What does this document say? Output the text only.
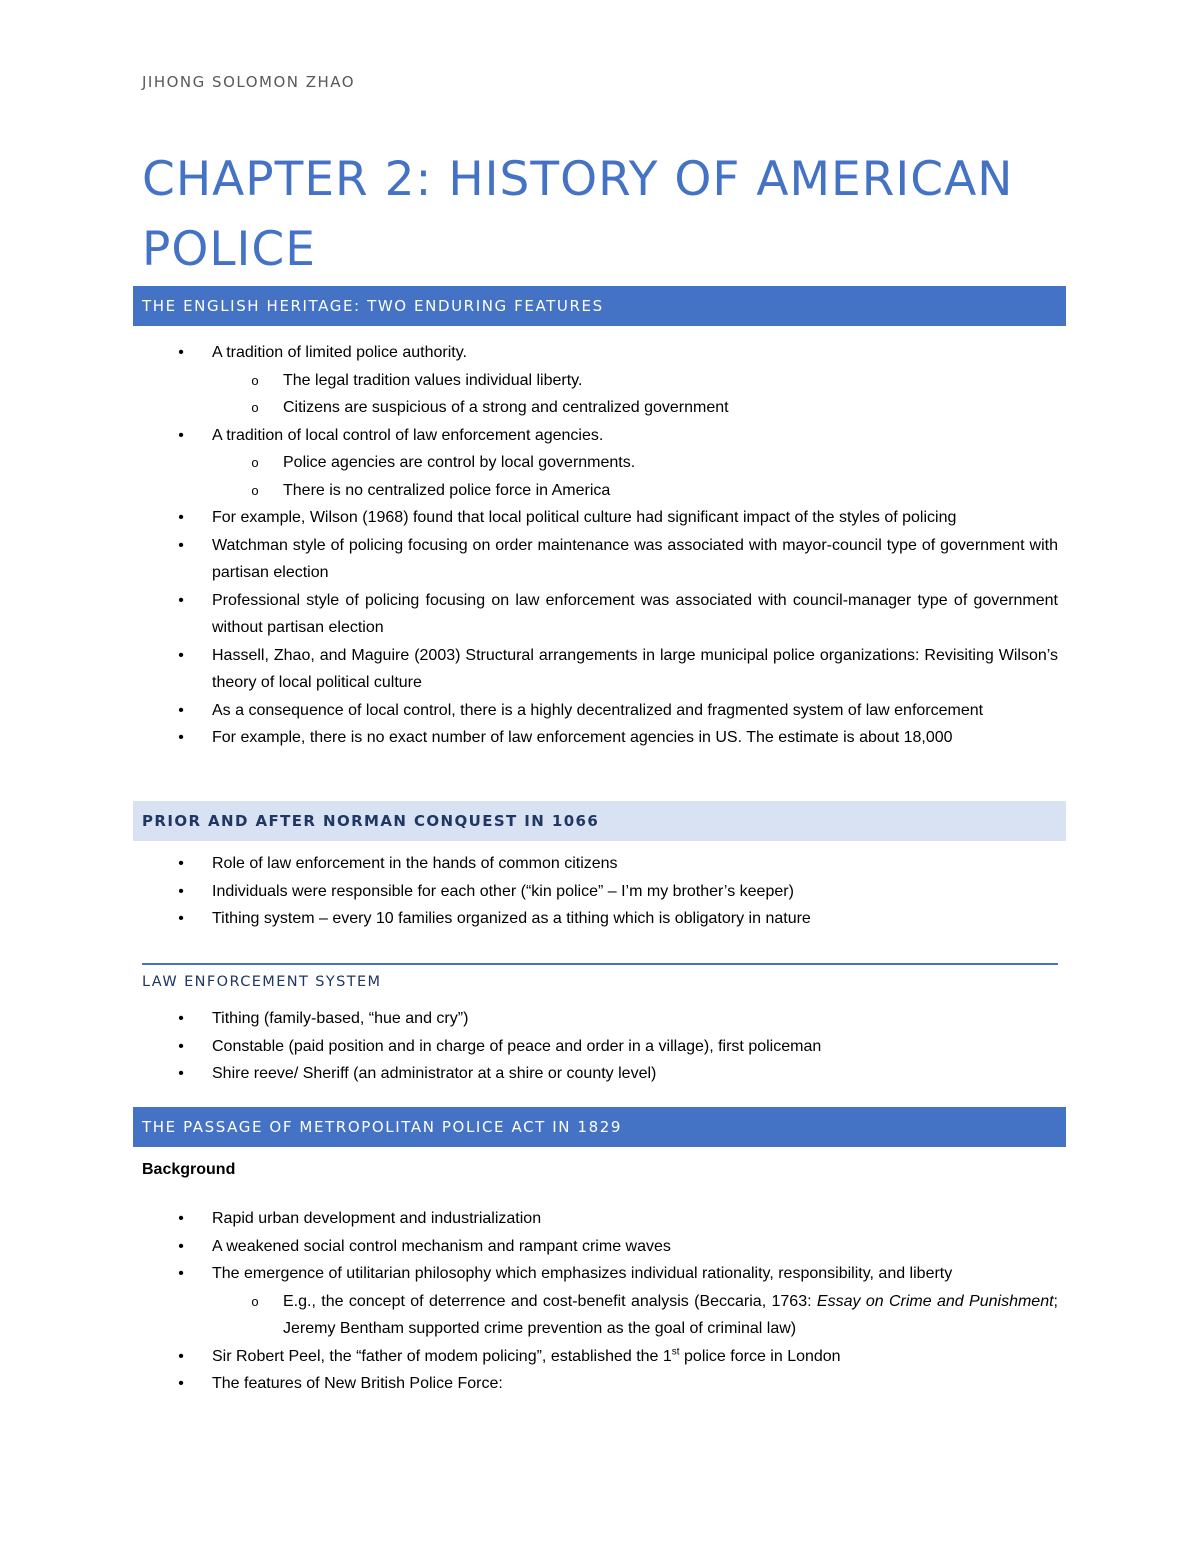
JIHONG SOLOMON ZHAO
CHAPTER 2: HISTORY OF AMERICAN POLICE
THE ENGLISH HERITAGE: TWO ENDURING FEATURES
• A tradition of limited police authority.
o The legal tradition values individual liberty.
o Citizens are suspicious of a strong and centralized government
• A tradition of local control of law enforcement agencies.
o Police agencies are control by local governments.
o There is no centralized police force in America
• For example, Wilson (1968) found that local political culture had significant impact of the styles of policing
• Watchman style of policing focusing on order maintenance was associated with mayor-council type of government with partisan election
• Professional style of policing focusing on law enforcement was associated with council-manager type of government without partisan election
• Hassell, Zhao, and Maguire (2003) Structural arrangements in large municipal police organizations: Revisiting Wilson’s theory of local political culture
• As a consequence of local control, there is a highly decentralized and fragmented system of law enforcement
• For example, there is no exact number of law enforcement agencies in US. The estimate is about 18,000
PRIOR AND AFTER NORMAN CONQUEST IN 1066
• Role of law enforcement in the hands of common citizens
• Individuals were responsible for each other (“kin police” – I’m my brother’s keeper)
• Tithing system – every 10 families organized as a tithing which is obligatory in nature
LAW ENFORCEMENT SYSTEM
• Tithing (family-based, “hue and cry”)
• Constable (paid position and in charge of peace and order in a village), first policeman
• Shire reeve/ Sheriff (an administrator at a shire or county level)
THE PASSAGE OF METROPOLITAN POLICE ACT IN 1829
Background
• Rapid urban development and industrialization
• A weakened social control mechanism and rampant crime waves
• The emergence of utilitarian philosophy which emphasizes individual rationality, responsibility, and liberty
o E.g., the concept of deterrence and cost-benefit analysis (Beccaria, 1763: Essay on Crime and Punishment; Jeremy Bentham supported crime prevention as the goal of criminal law)
• Sir Robert Peel, the “father of modem policing”, established the 1st police force in London
• The features of New British Police Force:
